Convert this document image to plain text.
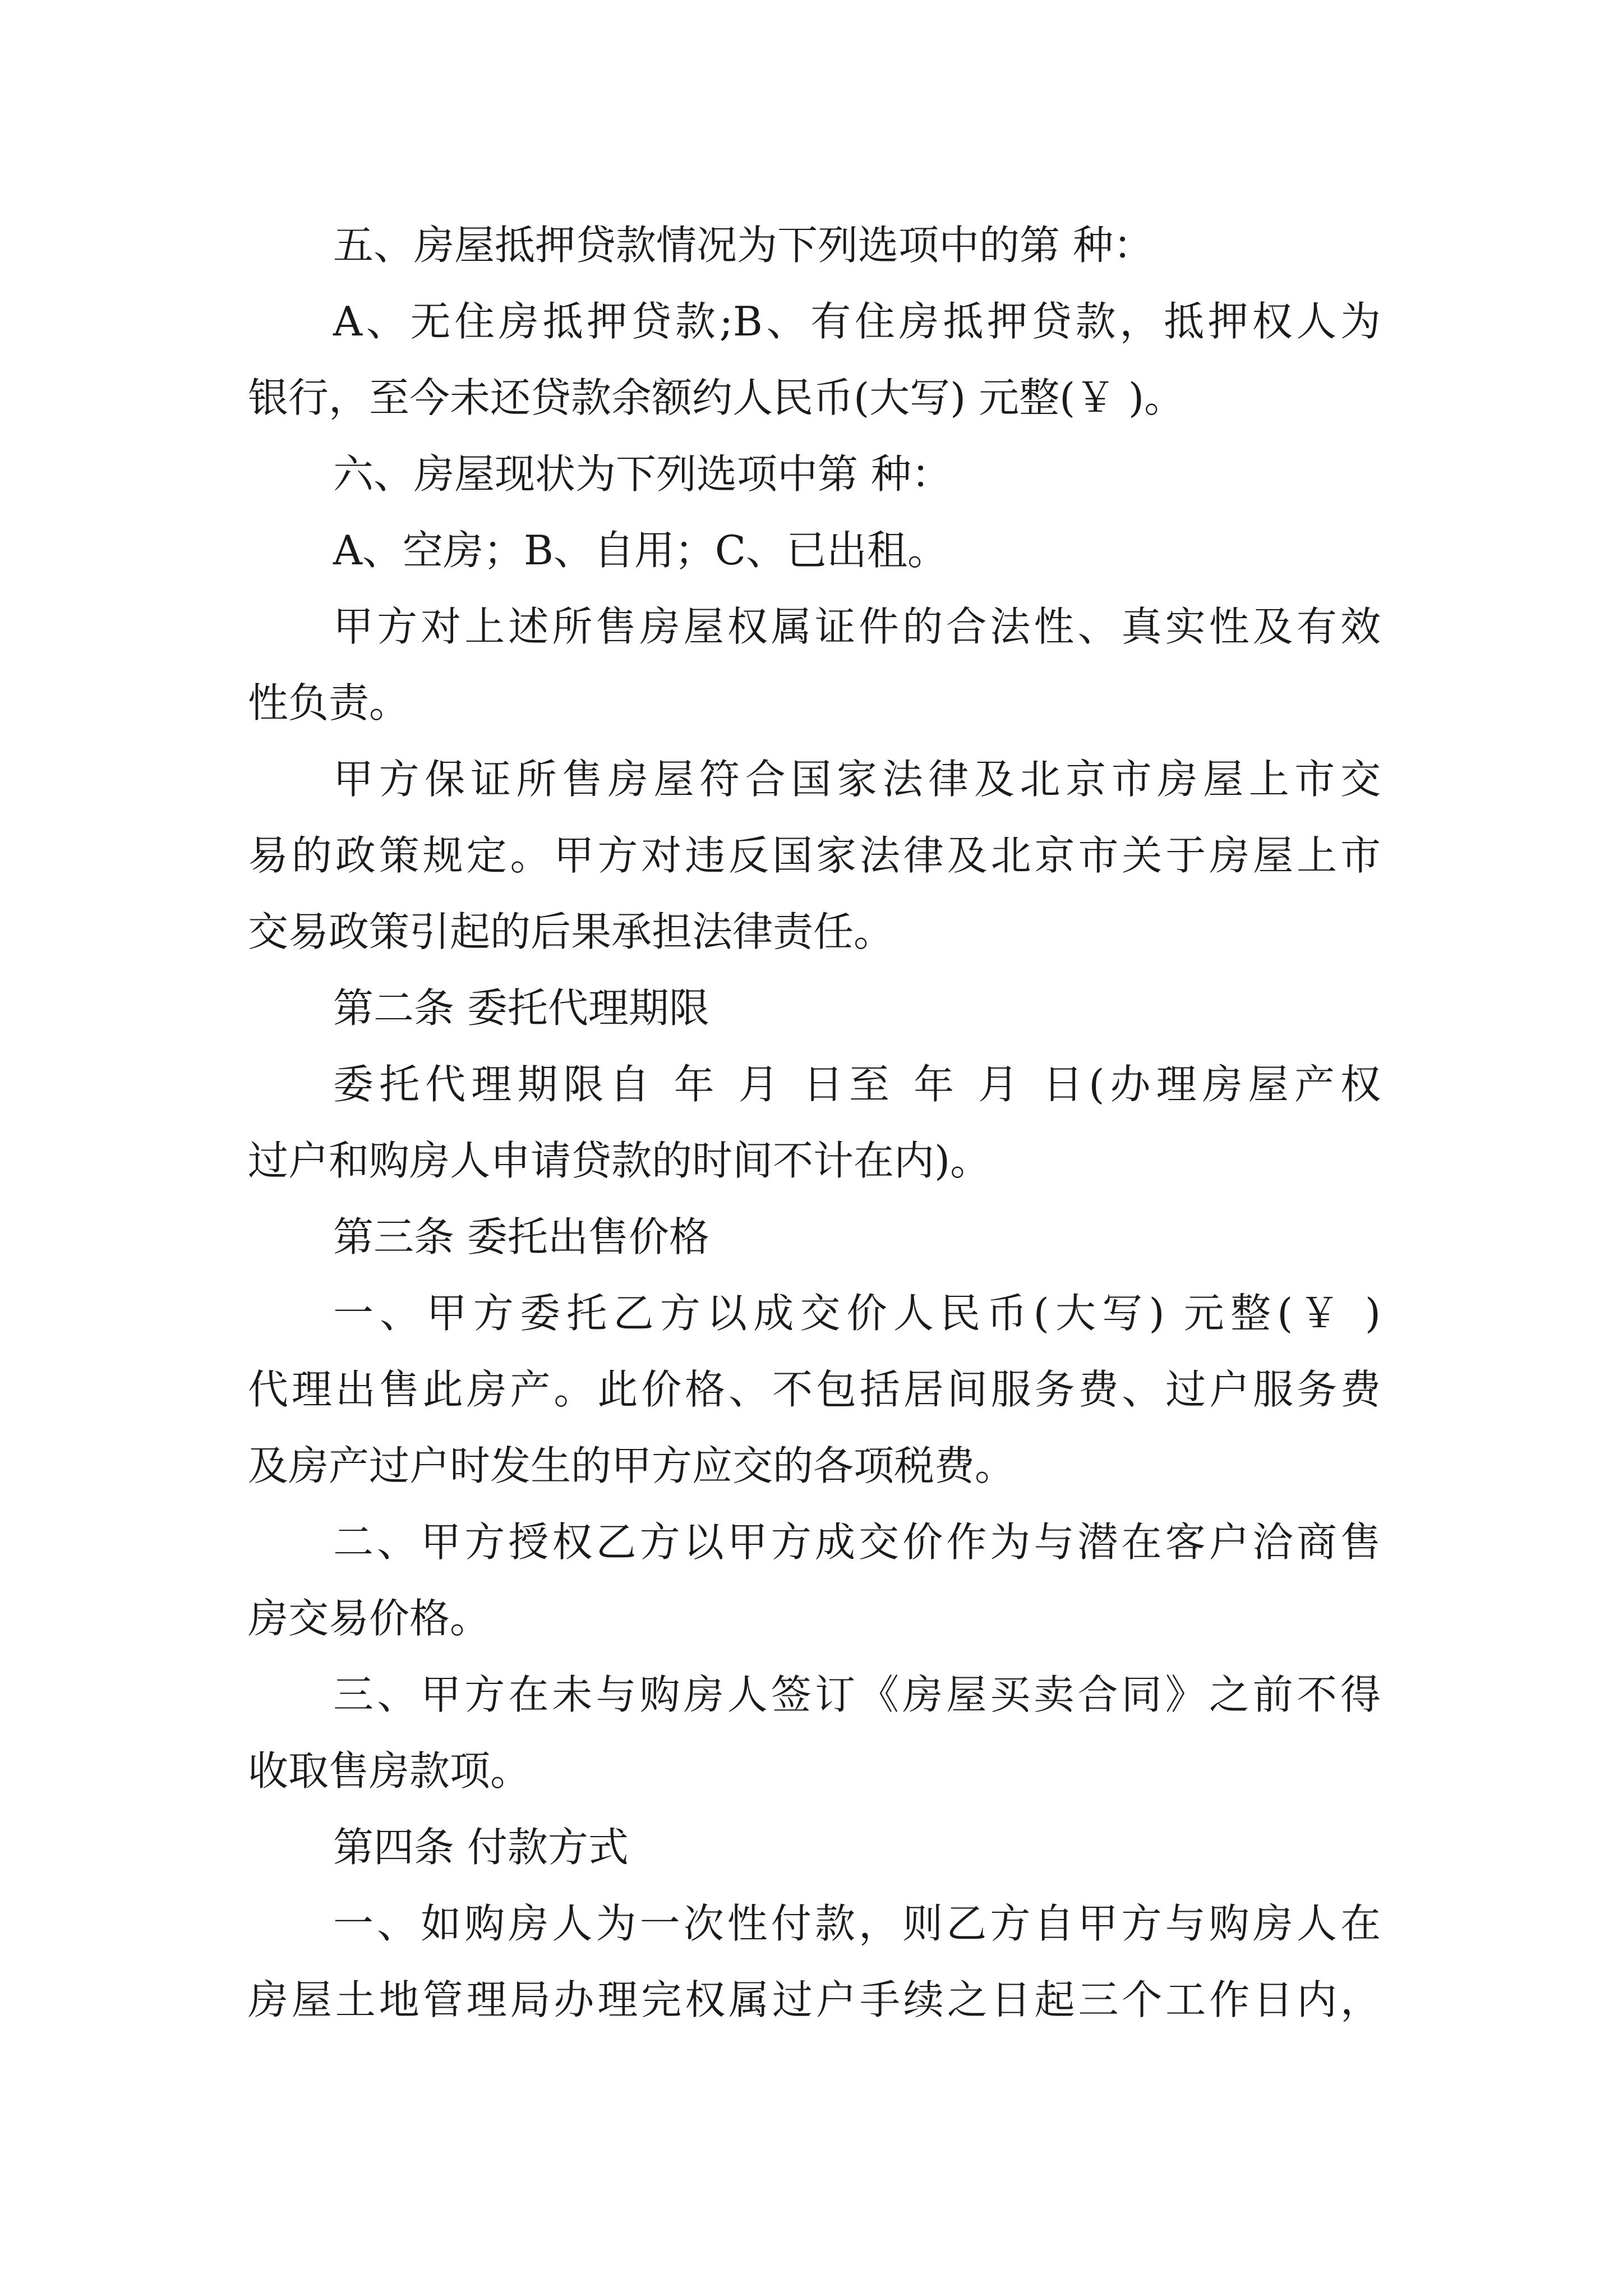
五、房屋抵押贷款情况为下列选项中的第 种：
A、无住房抵押贷款;B、有住房抵押贷款，抵押权人为
银行，至今未还贷款余额约人民币(大写) 元整(￥ )。
六、房屋现状为下列选项中第 种：
A、空房；B、自用；C、已出租。
甲方对上述所售房屋权属证件的合法性、真实性及有效
性负责。
甲方保证所售房屋符合国家法律及北京市房屋上市交
易的政策规定。甲方对违反国家法律及北京市关于房屋上市
交易政策引起的后果承担法律责任。
第二条 委托代理期限
委托代理期限自 年 月 日至 年 月 日(办理房屋产权
过户和购房人申请贷款的时间不计在内)。
第三条 委托出售价格
一、甲方委托乙方以成交价人民币(大写) 元整(￥ )
代理出售此房产。此价格、不包括居间服务费、过户服务费
及房产过户时发生的甲方应交的各项税费。
二、甲方授权乙方以甲方成交价作为与潜在客户洽商售
房交易价格。
三、甲方在未与购房人签订《房屋买卖合同》之前不得
收取售房款项。
第四条 付款方式
一、如购房人为一次性付款，则乙方自甲方与购房人在
房屋土地管理局办理完权属过户手续之日起三个工作日内，
